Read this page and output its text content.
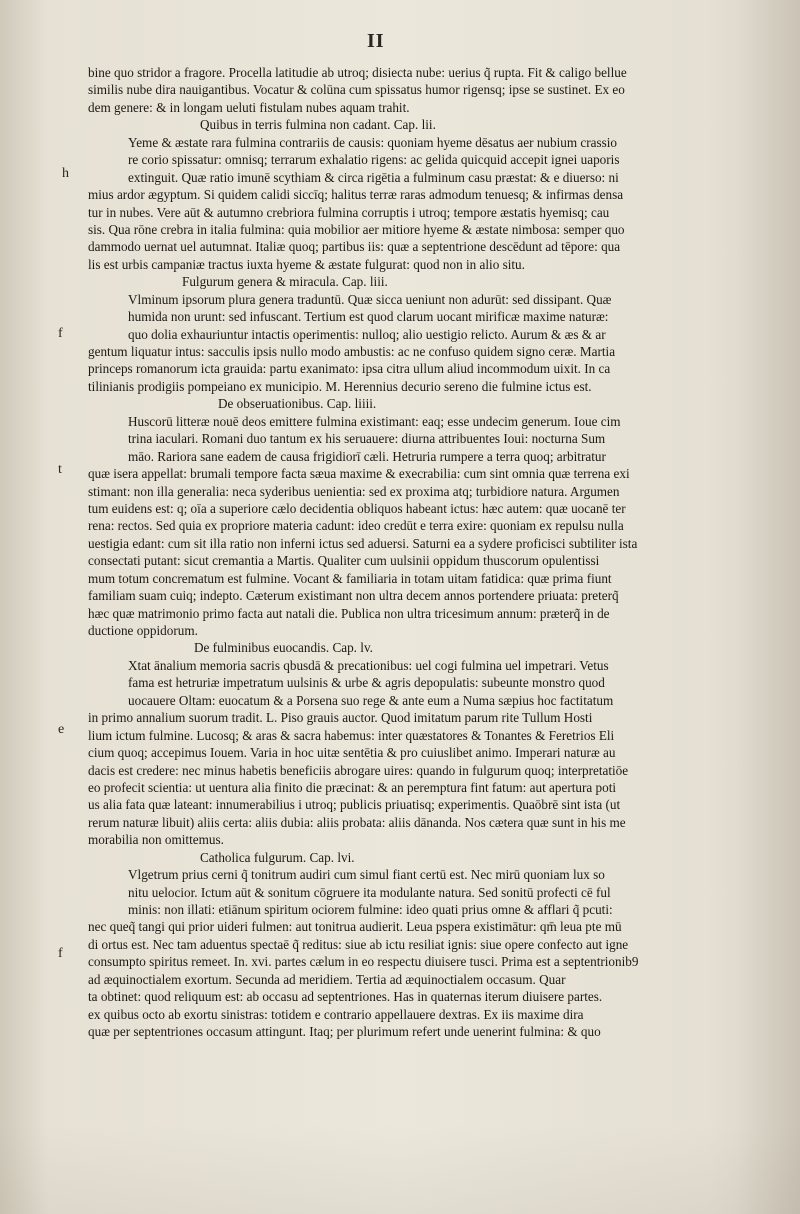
II
h
f
t
e
f
bine quo stridor a fragore. Procella latitudie ab utroq; disiecta nube: uerius q̃ rupta. Fit & caligo bellue
similis nube dira nauigantibus. Vocatur & colūna cum spissatus humor rigensq; ipse se sustinet. Ex eo
dem genere: & in longam ueluti fistulam nubes aquam trahit.
Quibus in terris fulmina non cadant. Cap. lii.
Yeme & æstate rara fulmina contrariis de causis: quoniam hyeme dēsatus aer nubium crassio
re corio spissatur: omnisq; terrarum exhalatio rigens: ac gelida quicquid accepit ignei uaporis
extinguit. Quæ ratio imunē scythiam & circa rigētia a fulminum casu præstat: & e diuerso: ni
mius ardor ægyptum. Si quidem calidi siccīq; halitus terræ raras admodum tenuesq; & infirmas densa
tur in nubes. Vere aūt & autumno crebriora fulmina corruptis i utroq; tempore æstatis hyemisq; cau
sis. Qua rōne crebra in italia fulmina: quia mobilior aer mitiore hyeme & æstate nimbosa: semper quo
dammodo uernat uel autumnat. Italiæ quoq; partibus iis: quæ a septentrione descēdunt ad tēpore: qua
lis est urbis campaniæ tractus iuxta hyeme & æstate fulgurat: quod non in alio situ.
Fulgurum genera & miracula. Cap. liii.
Vlminum ipsorum plura genera traduntū. Quæ sicca ueniunt non adurūt: sed dissipant. Quæ
humida non urunt: sed infuscant. Tertium est quod clarum uocant mirificæ maxime naturæ:
quo dolia exhauriuntur intactis operimentis: nulloq; alio uestigio relicto. Aurum & æs & ar
gentum liquatur intus: sacculis ipsis nullo modo ambustis: ac ne confuso quidem signo ceræ. Martia
princeps romanorum icta grauida: partu exanimato: ipsa citra ullum aliud incommodum uixit. In ca
tilinianis prodigiis pompeiano ex municipio. M. Herennius decurio sereno die fulmine ictus est.
De obseruationibus. Cap. liiii.
Huscorū litteræ nouē deos emittere fulmina existimant: eaq; esse undecim generum. Ioue cim
trina iaculari. Romani duo tantum ex his seruauere: diurna attribuentes Ioui: nocturna Sum
māo. Rariora sane eadem de causa frigidiorī cæli. Hetruria rumpere a terra quoq; arbitratur
quæ isera appellat: brumali tempore facta sæua maxime & execrabilia: cum sint omnia quæ terrena exi
stimant: non illa generalia: neca syderibus uenientia: sed ex proxima atq; turbidiore natura. Argumen
tum euidens est: q; oīa a superiore cælo decidentia obliquos habeant ictus: hæc autem: quæ uocanē ter
rena: rectos. Sed quia ex propriore materia cadunt: ideo credūt e terra exire: quoniam ex repulsu nulla
uestigia edant: cum sit illa ratio non inferni ictus sed aduersi. Saturni ea a sydere proficisci subtiliter ista
consectati putant: sicut cremantia a Martis. Qualiter cum uulsinii oppidum thuscorum opulentissi
mum totum concrematum est fulmine. Vocant & familiaria in totam uitam fatidica: quæ prima fiunt
familiam suam cuiq; indepto. Cæterum existimant non ultra decem annos portendere priuata: preterq̃
hæc quæ matrimonio primo facta aut natali die. Publica non ultra tricesimum annum: præterq̃ in de
ductione oppidorum.
De fulminibus euocandis. Cap. lv.
Xtat ānalium memoria sacris qbusdā & precationibus: uel cogi fulmina uel impetrari. Vetus
fama est hetruriæ impetratum uulsinis & urbe & agris depopulatis: subeunte monstro quod
uocauere Oltam: euocatum & a Porsena suo rege & ante eum a Numa sæpius hoc factitatum
in primo annalium suorum tradit. L. Piso grauis auctor. Quod imitatum parum rite Tullum Hosti
lium ictum fulmine. Lucosq; & aras & sacra habemus: inter quæstatores & Tonantes & Feretrios Eli
cium quoq; accepimus Iouem. Varia in hoc uitæ sentētia & pro cuiuslibet animo. Imperari naturæ au
dacis est credere: nec minus habetis beneficiis abrogare uires: quando in fulgurum quoq; interpretatiōe
eo profecit scientia: ut uentura alia finito die præcinat: & an peremptura fint fatum: aut apertura poti
us alia fata quæ lateant: innumerabilius i utroq; publicis priuatisq; experimentis. Quaōbrē sint ista (ut
rerum naturæ libuit) aliis certa: aliis dubia: aliis probata: aliis dānanda. Nos cætera quæ sunt in his me
morabilia non omittemus.
Catholica fulgurum. Cap. lvi.
Vlgetrum prius cerni q̃ tonitrum audiri cum simul fiant certū est. Nec mirū quoniam lux so
nitu uelocior. Ictum aūt & sonitum cōgruere ita modulante natura. Sed sonitū profecti cē ful
minis: non illati: etiānum spiritum ociorem fulmine: ideo quati prius omne & afflari q̃ pcuti:
nec queq̃ tangi qui prior uideri fulmen: aut tonitrua audierit. Leua pspera existimātur: qm̄ leua pte mū
di ortus est. Nec tam aduentus spectaē q̃ reditus: siue ab ictu resiliat ignis: siue opere confecto aut igne
consumpto spiritus remeet. In. xvi. partes cælum in eo respectu diuisere tusci. Prima est a septentrionib9
ad æquinoctialem exortum. Secunda ad meridiem. Tertia ad æquinoctialem occasum. Quar
ta obtinet: quod reliquum est: ab occasu ad septentriones. Has in quaternas iterum diuisere partes.
ex quibus octo ab exortu sinistras: totidem e contrario appellauere dextras. Ex iis maxime dira
quæ per septentriones occasum attingunt. Itaq; per plurimum refert unde uenerint fulmina: & quo
